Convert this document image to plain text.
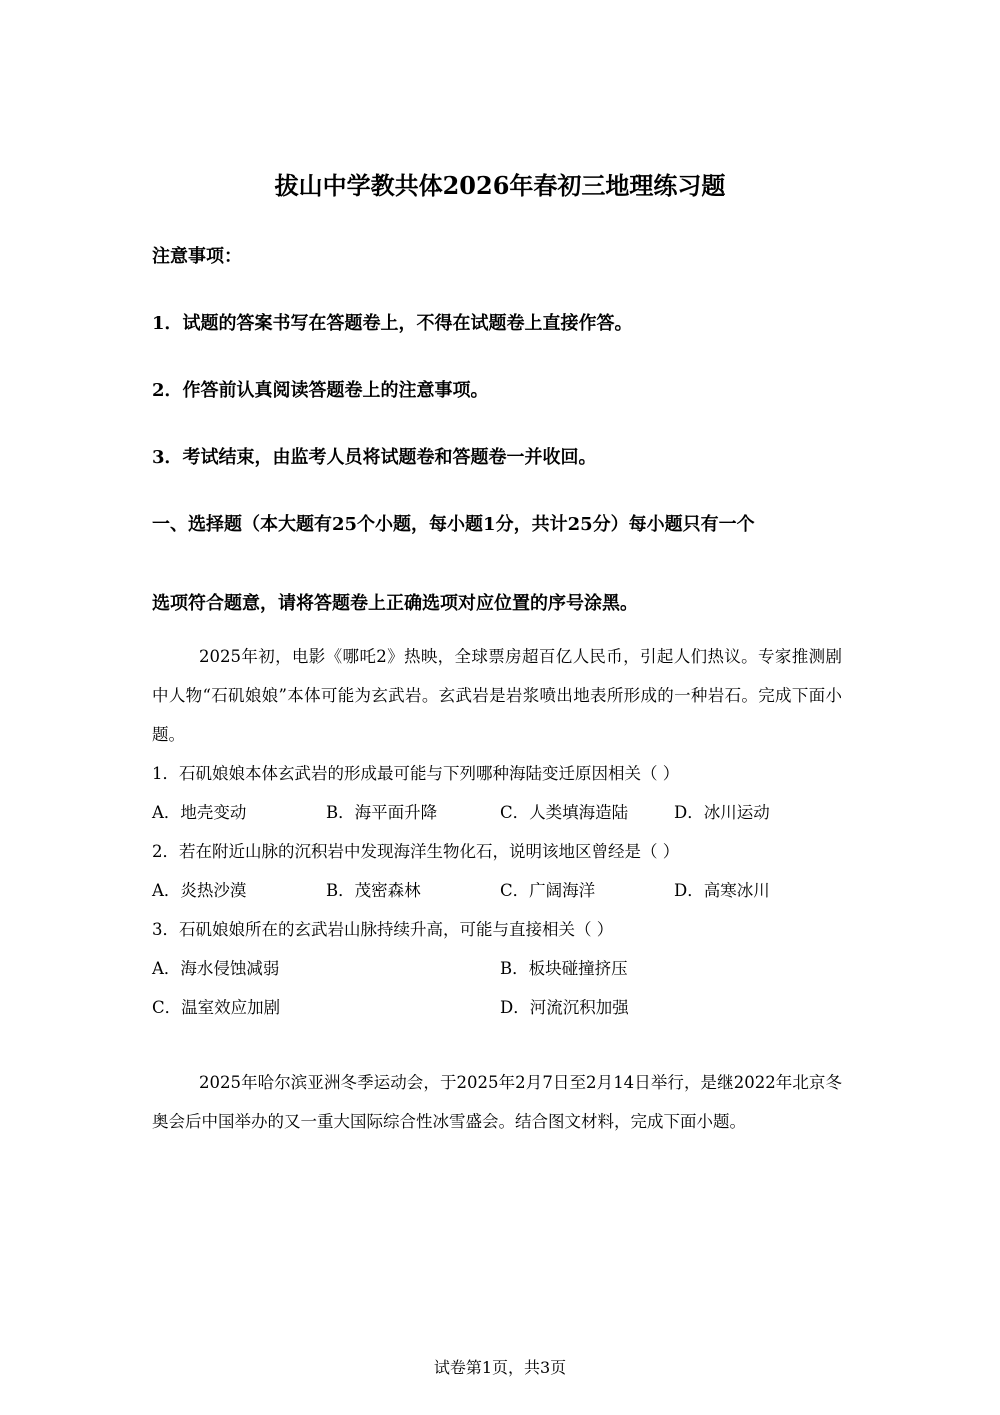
拔山中学教共体2026年春初三地理练习题
注意事项：
1．试题的答案书写在答题卷上，不得在试题卷上直接作答。
2．作答前认真阅读答题卷上的注意事项。
3．考试结束，由监考人员将试题卷和答题卷一并收回。
一、选择题（本大题有25个小题，每小题1分，共计25分）每小题只有一个
选项符合题意，请将答题卷上正确选项对应位置的序号涂黑。
2025年初，电影《哪吒2》热映，全球票房超百亿人民币，引起人们热议。专家推测剧中人物“石矶娘娘”本体可能为玄武岩。玄武岩是岩浆喷出地表所形成的一种岩石。完成下面小题。
1．石矶娘娘本体玄武岩的形成最可能与下列哪种海陆变迁原因相关（ ）
A．地壳变动	B．海平面升降	C．人类填海造陆	D．冰川运动
2．若在附近山脉的沉积岩中发现海洋生物化石，说明该地区曾经是（ ）
A．炎热沙漠	B．茂密森林	C．广阔海洋	D．高寒冰川
3．石矶娘娘所在的玄武岩山脉持续升高，可能与直接相关（ ）
A．海水侵蚀减弱	B．板块碰撞挤压
C．温室效应加剧	D．河流沉积加强
2025年哈尔滨亚洲冬季运动会，于2025年2月7日至2月14日举行，是继2022年北京冬奥会后中国举办的又一重大国际综合性冰雪盛会。结合图文材料，完成下面小题。
试卷第1页，共3页
